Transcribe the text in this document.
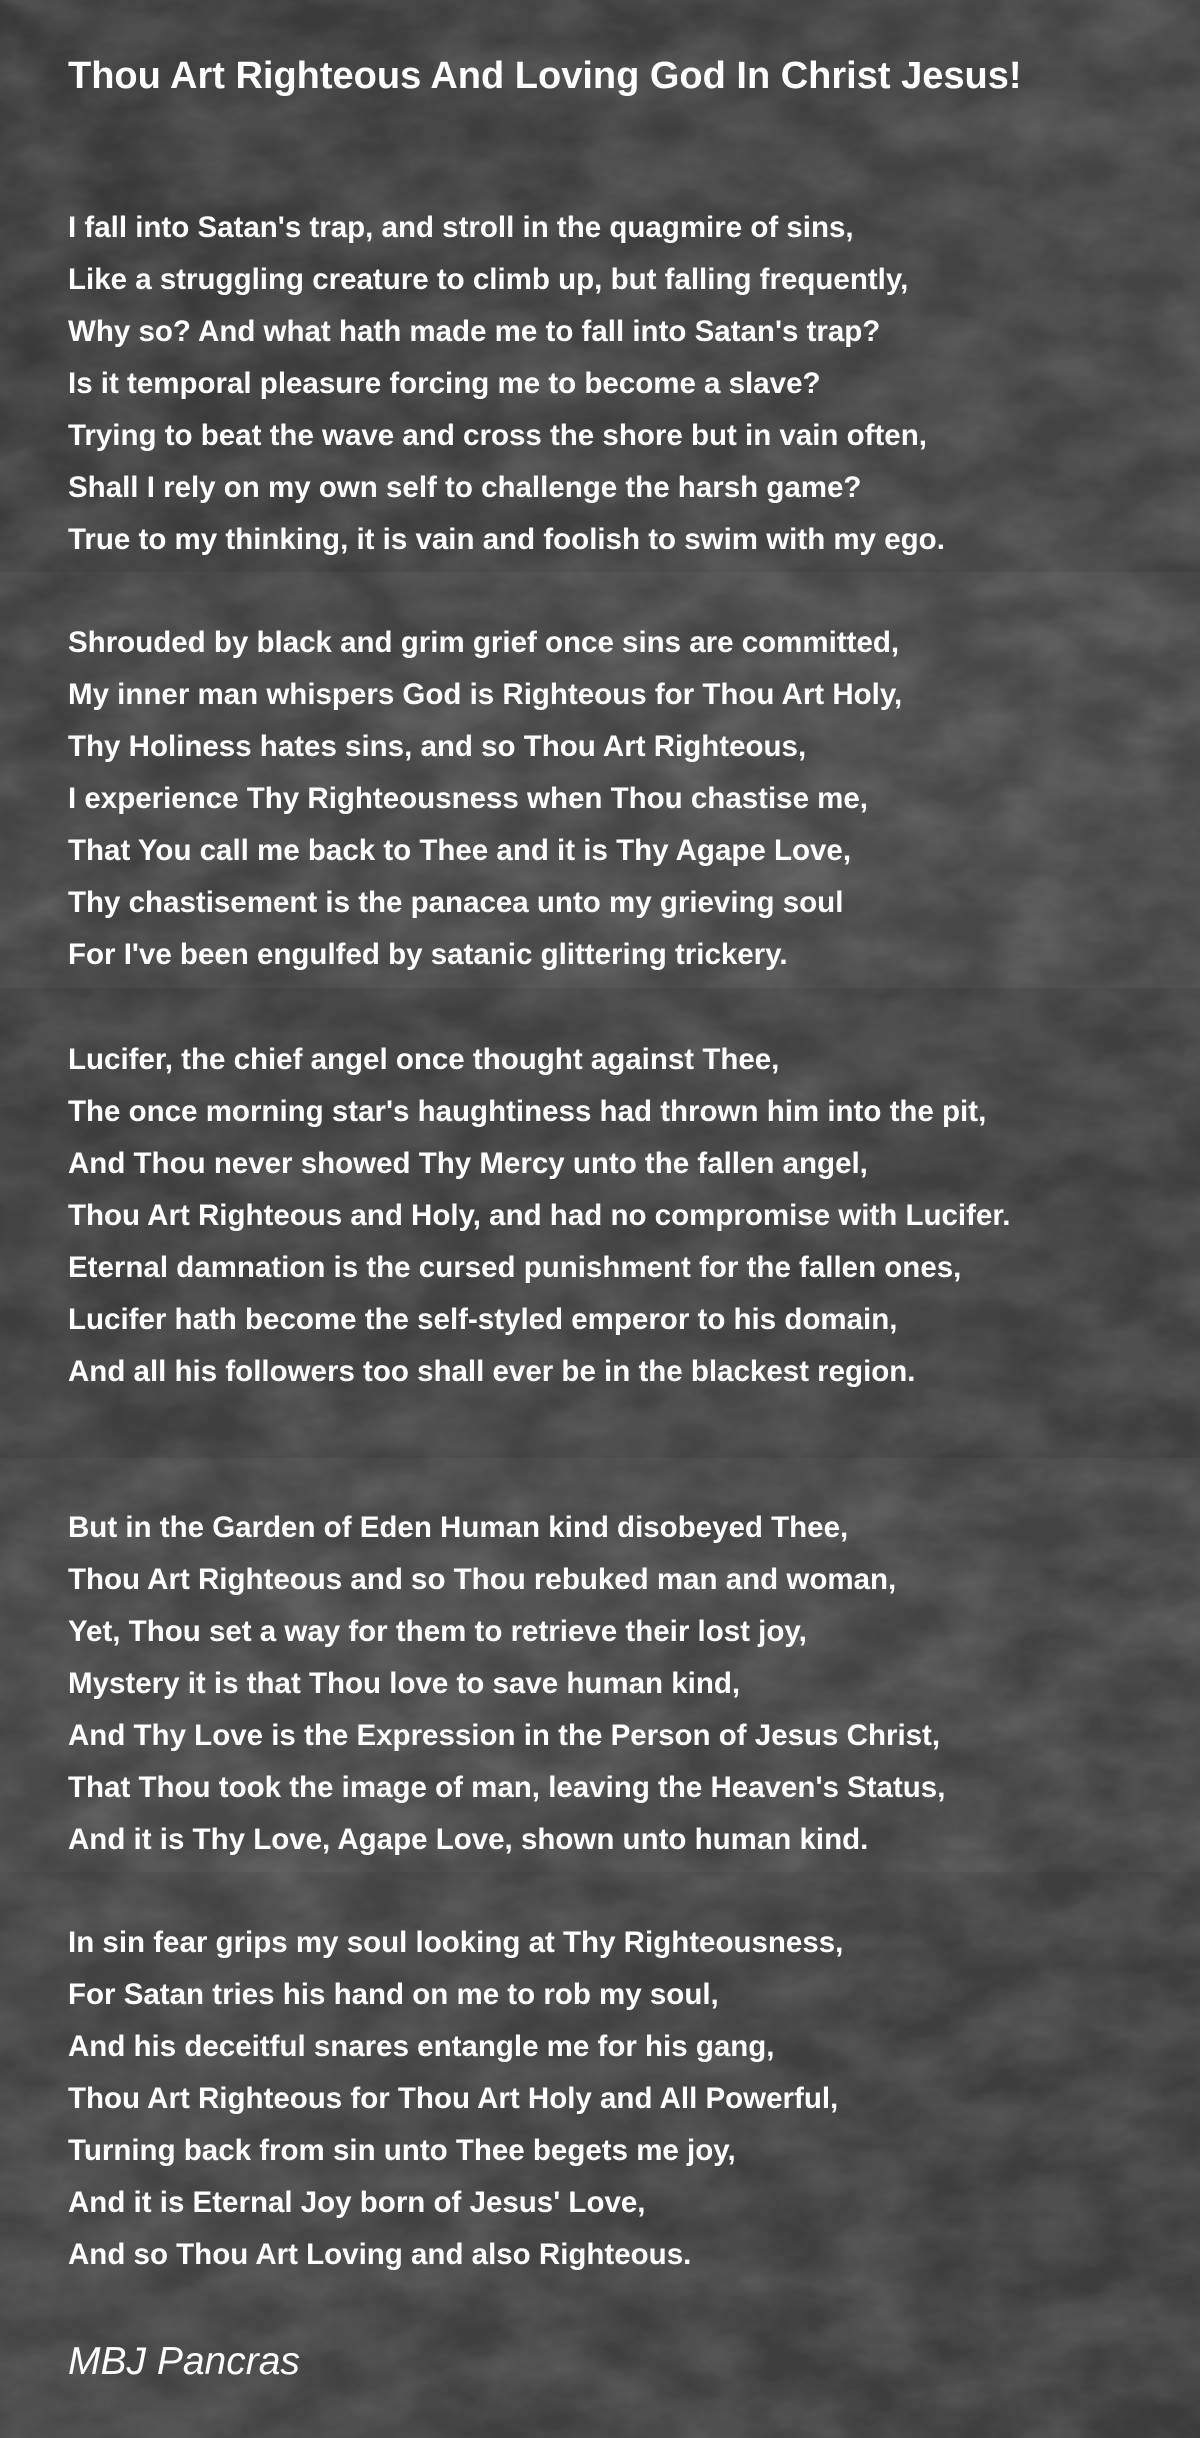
Thou Art Righteous And Loving God In Christ Jesus!
I fall into Satan's trap, and stroll in the quagmire of sins,
Like a struggling creature to climb up, but falling frequently,
Why so? And what hath made me to fall into Satan's trap?
Is it temporal pleasure forcing me to become a slave?
Trying to beat the wave and cross the shore but in vain often,
Shall I rely on my own self to challenge the harsh game?
True to my thinking, it is vain and foolish to swim with my ego.
Shrouded by black and grim grief once sins are committed,
My inner man whispers God is Righteous for Thou Art Holy,
Thy Holiness hates sins, and so Thou Art Righteous,
I experience Thy Righteousness when Thou chastise me,
That You call me back to Thee and it is Thy Agape Love,
Thy chastisement is the panacea unto my grieving soul
For I've been engulfed by satanic glittering trickery.
Lucifer, the chief angel once thought against Thee,
The once morning star's haughtiness had thrown him into the pit,
And Thou never showed Thy Mercy unto the fallen angel,
Thou Art Righteous and Holy, and had no compromise with Lucifer.
Eternal damnation is the cursed punishment for the fallen ones,
Lucifer hath become the self-styled emperor to his domain,
And all his followers too shall ever be in the blackest region.
But in the Garden of Eden Human kind disobeyed Thee,
Thou Art Righteous and so Thou rebuked man and woman,
Yet, Thou set a way for them to retrieve their lost joy,
Mystery it is that Thou love to save human kind,
And Thy Love is the Expression in the Person of Jesus Christ,
That Thou took the image of man, leaving the Heaven's Status,
And it is Thy Love, Agape Love, shown unto human kind.
In sin fear grips my soul looking at Thy Righteousness,
For Satan tries his hand on me to rob my soul,
And his deceitful snares entangle me for his gang,
Thou Art Righteous for Thou Art Holy and All Powerful,
Turning back from sin unto Thee begets me joy,
And it is Eternal Joy born of Jesus' Love,
And so Thou Art Loving and also Righteous.

MBJ Pancras
